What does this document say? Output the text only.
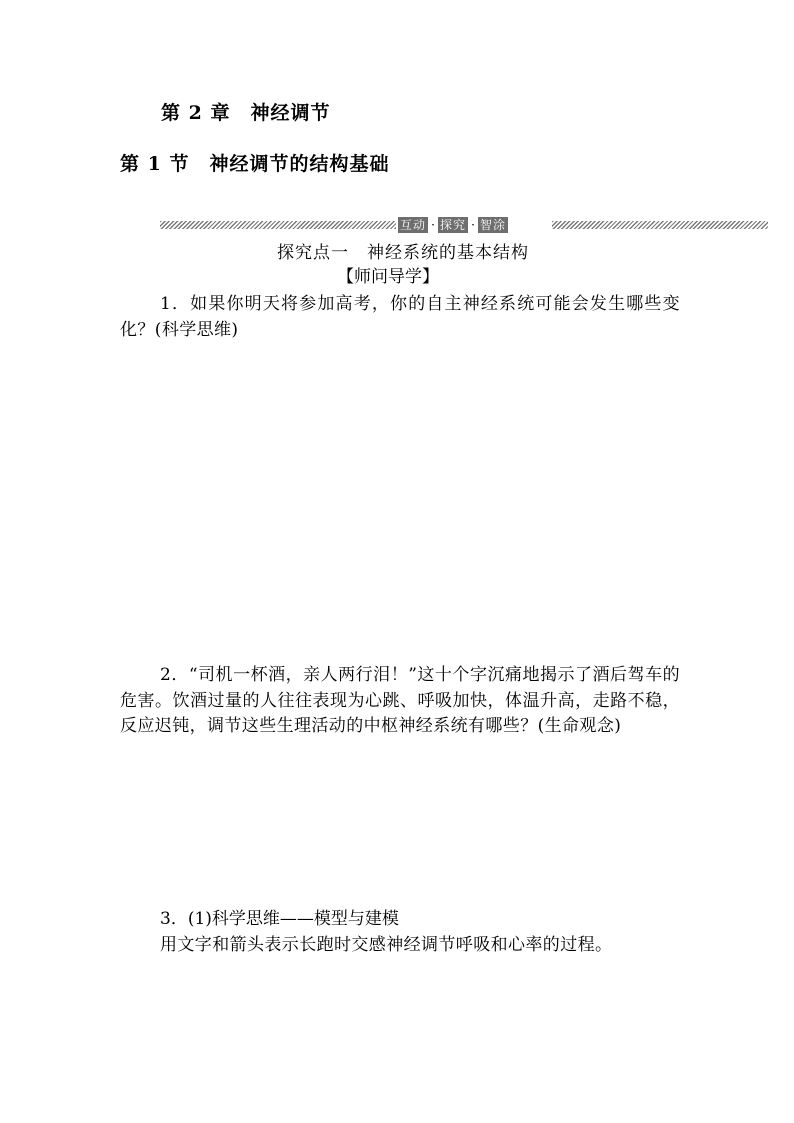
第 2 章　神经调节
第 1 节　神经调节的结构基础
互动 · 探究 · 智涂
探究点一　神经系统的基本结构
【师问导学】
1．如果你明天将参加高考，你的自主神经系统可能会发生哪些变化？(科学思维)
2．“司机一杯酒，亲人两行泪！”这十个字沉痛地揭示了酒后驾车的危害。饮酒过量的人往往表现为心跳、呼吸加快，体温升高，走路不稳，反应迟钝，调节这些生理活动的中枢神经系统有哪些？(生命观念)
3．(1)科学思维——模型与建模
用文字和箭头表示长跑时交感神经调节呼吸和心率的过程。
